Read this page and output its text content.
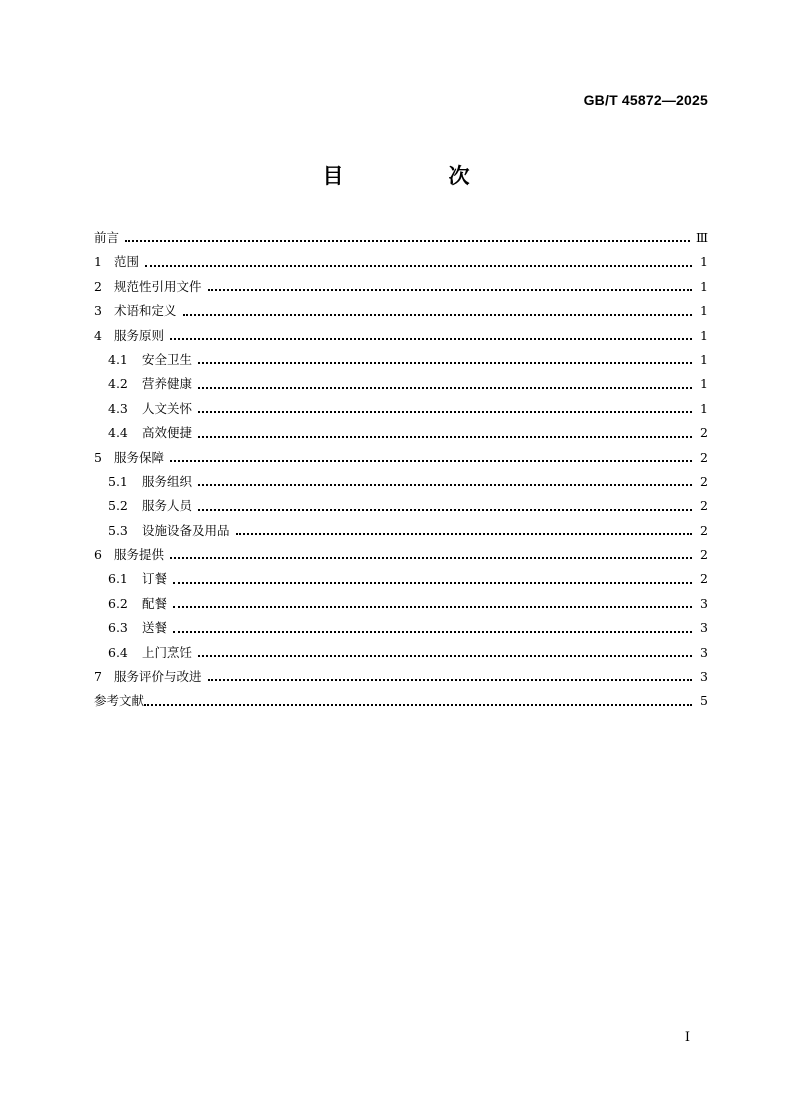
GB/T 45872—2025
目　次
前言	Ⅲ
1 范围	1
2 规范性引用文件	1
3 术语和定义	1
4 服务原则	1
4.1	安全卫生	1
4.2	营养健康	1
4.3	人文关怀	1
4.4	高效便捷	2
5 服务保障	2
5.1	服务组织	2
5.2	服务人员	2
5.3	设施设备及用品	2
6 服务提供	2
6.1	订餐	2
6.2	配餐	3
6.3	送餐	3
6.4	上门烹饪	3
7 服务评价与改进	3
参考文献	5
I
